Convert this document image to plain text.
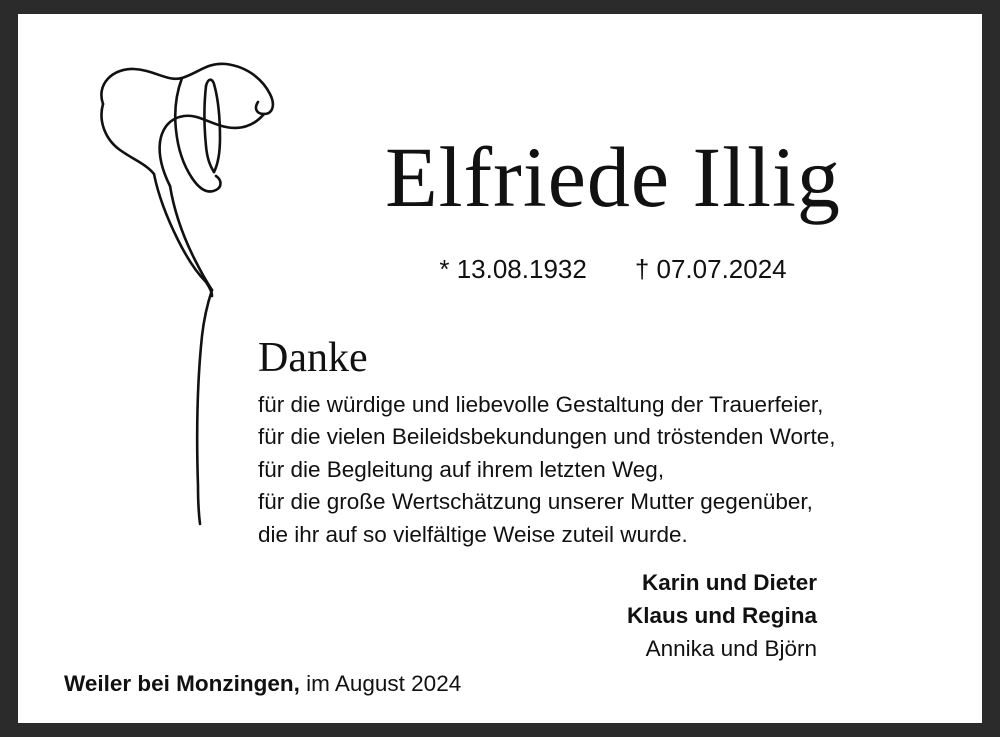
Elfriede Illig
* 13.08.1932 † 07.07.2024
Danke
für die würdige und liebevolle Gestaltung der Trauerfeier,
für die vielen Beileidsbekundungen und tröstenden Worte,
für die Begleitung auf ihrem letzten Weg,
für die große Wertschätzung unserer Mutter gegenüber,
die ihr auf so vielfältige Weise zuteil wurde.
Karin und Dieter
Klaus und Regina
Annika und Björn
Weiler bei Monzingen, im August 2024
